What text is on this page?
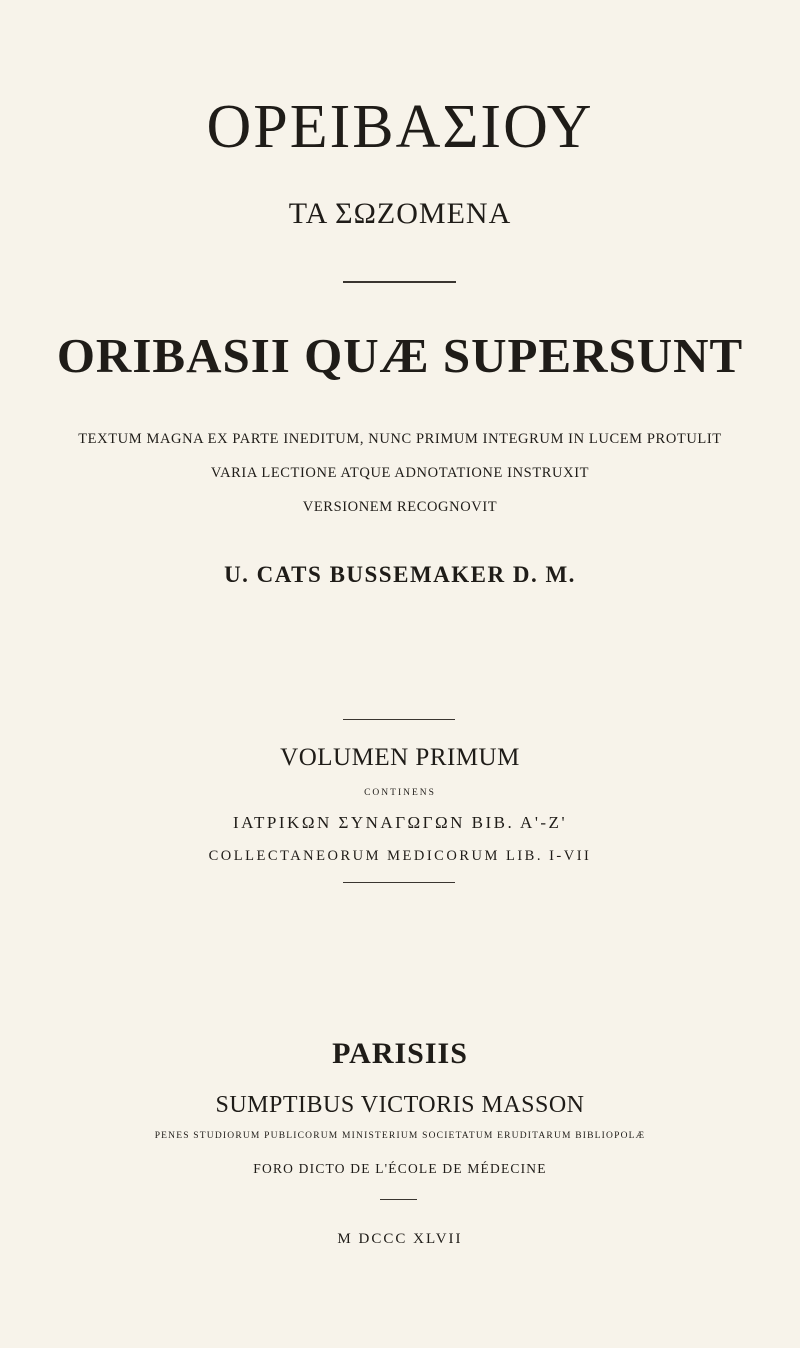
ΟΡΕΙΒΑΣΙΟΥ
ΤΑ ΣΩΖΟΜΕΝΑ
ORIBASII QUÆ SUPERSUNT
TEXTUM MAGNA EX PARTE INEDITUM, NUNC PRIMUM INTEGRUM IN LUCEM PROTULIT
VARIA LECTIONE ATQUE ADNOTATIONE INSTRUXIT
VERSIONEM RECOGNOVIT
U. CATS BUSSEMAKER D. M.
VOLUMEN PRIMUM
CONTINENS
ΙΑΤΡΙΚΩΝ ΣΥΝΑΓΩΓΩΝ ΒΙΒ. Α'-Ζ'
COLLECTANEORUM MEDICORUM LIB. I-VII
PARISIIS
SUMPTIBUS VICTORIS MASSON
PENES STUDIORUM PUBLICORUM MINISTERIUM SOCIETATUM ERUDITARUM BIBLIOPOLÆ
FORO DICTO DE L'ÉCOLE DE MÉDECINE
M DCCC XLVII
